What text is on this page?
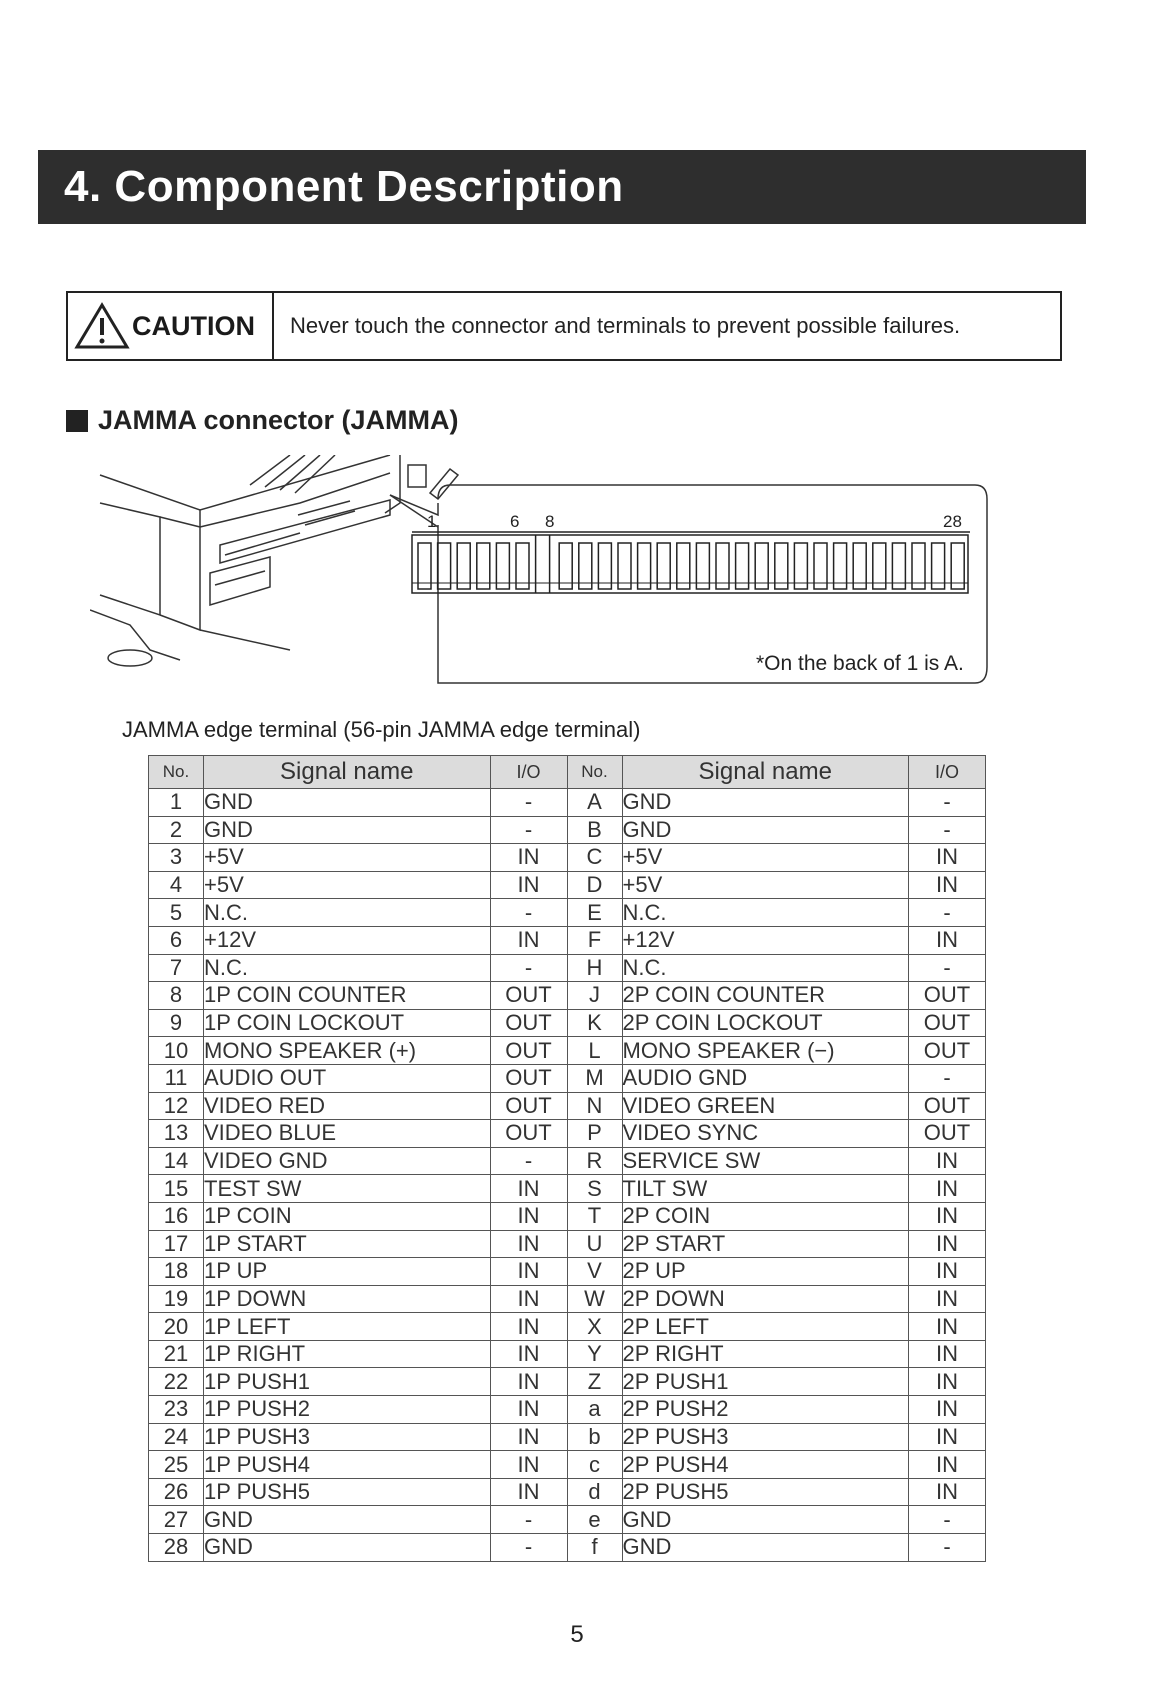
4. Component Description
CAUTION	Never touch the connector and terminals to prevent possible failures.
JAMMA connector (JAMMA)
1	6 8	28
*On the back of 1 is A.
JAMMA edge terminal (56-pin JAMMA edge terminal)
No.	Signal name	I/O	No.	Signal name	I/O
1	GND	-	A	GND	-
2	GND	-	B	GND	-
3	+5V	IN	C	+5V	IN
4	+5V	IN	D	+5V	IN
5	N.C.	-	E	N.C.	-
6	+12V	IN	F	+12V	IN
7	N.C.	-	H	N.C.	-
8	1P COIN COUNTER	OUT	J	2P COIN COUNTER	OUT
9	1P COIN LOCKOUT	OUT	K	2P COIN LOCKOUT	OUT
10	MONO SPEAKER (+)	OUT	L	MONO SPEAKER (−)	OUT
11	AUDIO OUT	OUT	M	AUDIO GND	-
12	VIDEO RED	OUT	N	VIDEO GREEN	OUT
13	VIDEO BLUE	OUT	P	VIDEO SYNC	OUT
14	VIDEO GND	-	R	SERVICE SW	IN
15	TEST SW	IN	S	TILT SW	IN
16	1P COIN	IN	T	2P COIN	IN
17	1P START	IN	U	2P START	IN
18	1P UP	IN	V	2P UP	IN
19	1P DOWN	IN	W	2P DOWN	IN
20	1P LEFT	IN	X	2P LEFT	IN
21	1P RIGHT	IN	Y	2P RIGHT	IN
22	1P PUSH1	IN	Z	2P PUSH1	IN
23	1P PUSH2	IN	a	2P PUSH2	IN
24	1P PUSH3	IN	b	2P PUSH3	IN
25	1P PUSH4	IN	c	2P PUSH4	IN
26	1P PUSH5	IN	d	2P PUSH5	IN
27	GND	-	e	GND	-
28	GND	-	f	GND	-
5
